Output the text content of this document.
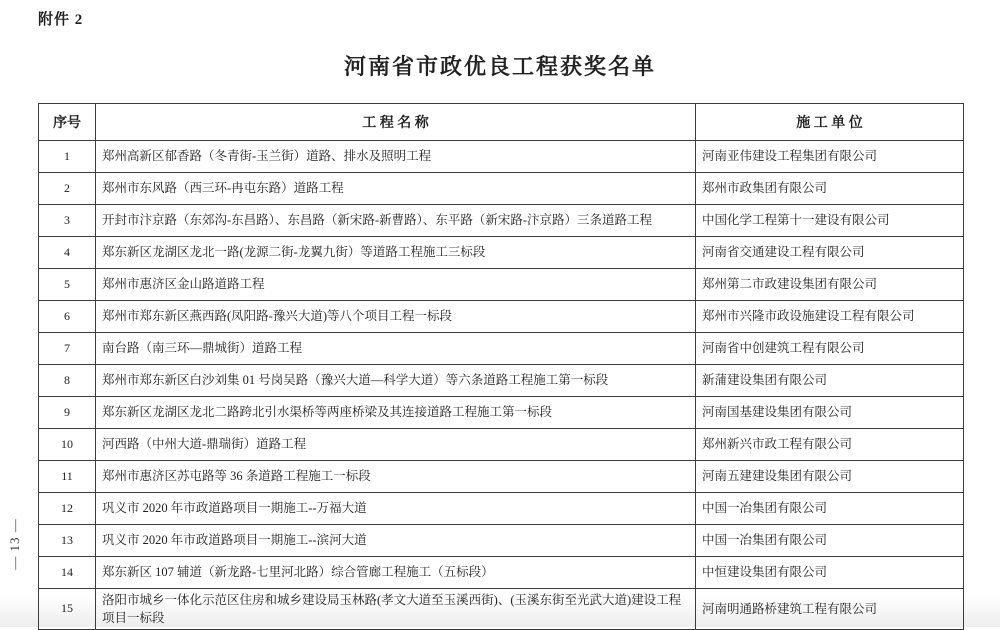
附件 2
河南省市政优良工程获奖名单
序号	工 程 名 称	施 工 单 位
1	郑州高新区郁香路（冬青街-玉兰街）道路、排水及照明工程	河南亚伟建设工程集团有限公司
2	郑州市东风路（西三环-冉屯东路）道路工程	郑州市政集团有限公司
3	开封市汴京路（东郊沟-东昌路）、东昌路（新宋路-新曹路）、东平路（新宋路-汴京路）三条道路工程	中国化学工程第十一建设有限公司
4	郑东新区龙湖区龙北一路(龙源二街-龙翼九街）等道路工程施工三标段	河南省交通建设工程有限公司
5	郑州市惠济区金山路道路工程	郑州第二市政建设集团有限公司
6	郑州市郑东新区燕西路(凤阳路-豫兴大道)等八个项目工程一标段	郑州市兴隆市政设施建设工程有限公司
7	南台路（南三环—鼎城街）道路工程	河南省中创建筑工程有限公司
8	郑州市郑东新区白沙刘集 01 号岗吴路（豫兴大道—科学大道）等六条道路工程施工第一标段	新蒲建设集团有限公司
9	郑东新区龙湖区龙北二路跨北引水渠桥等两座桥梁及其连接道路工程施工第一标段	河南国基建设集团有限公司
10	河西路（中州大道-鼎瑞街）道路工程	郑州新兴市政工程有限公司
11	郑州市惠济区苏屯路等 36 条道路工程施工一标段	河南五建建设集团有限公司
12	巩义市 2020 年市政道路项目一期施工--万福大道	中国一冶集团有限公司
13	巩义市 2020 年市政道路项目一期施工--滨河大道	中国一冶集团有限公司
14	郑东新区 107 辅道（新龙路-七里河北路）综合管廊工程施工（五标段）	中恒建设集团有限公司
15	洛阳市城乡一体化示范区住房和城乡建设局玉林路(孝文大道至玉溪西街)、(玉溪东街至光武大道)建设工程项目一标段	河南明通路桥建筑工程有限公司
— 13 —
